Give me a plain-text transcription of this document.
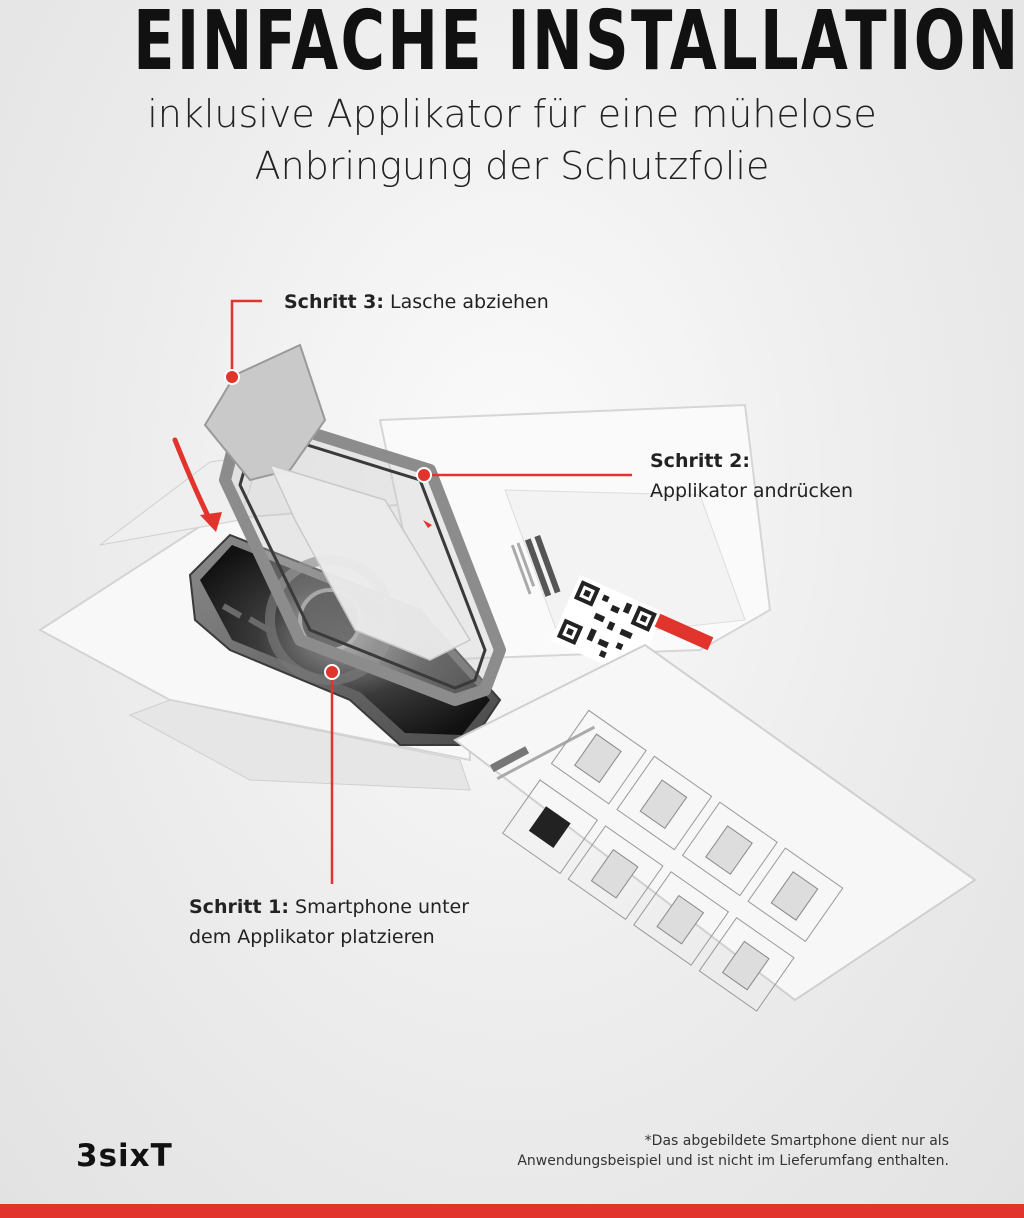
EINFACHE INSTALLATION
inklusive Applikator für eine mühelose
Anbringung der Schutzfolie
Schritt 3: Lasche abziehen
Schritt 2:
Applikator andrücken
Schritt 1: Smartphone unter
dem Applikator platzieren
3sixT	*Das abgebildete Smartphone dient nur als
Anwendungsbeispiel und ist nicht im Lieferumfang enthalten.
